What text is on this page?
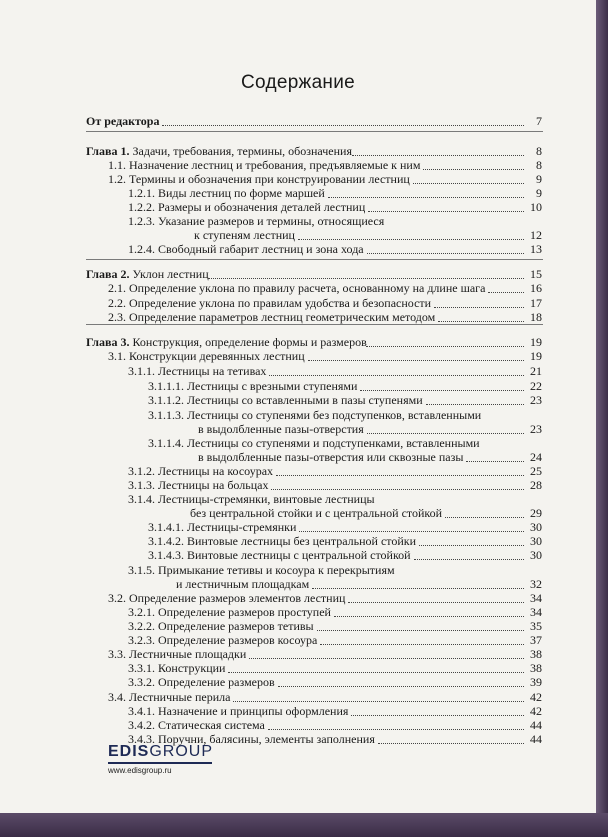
Содержание
От редактора	7
Глава 1. Задачи, требования, термины, обозначения	8
1.1. Назначение лестниц и требования, предъявляемые к ним	8
1.2. Термины и обозначения при конструировании лестниц	9
1.2.1. Виды лестниц по форме маршей	9
1.2.2. Размеры и обозначения деталей лестниц	10
1.2.3. Указание размеров и термины, относящиеся
к ступеням лестниц	12
1.2.4. Свободный габарит лестниц и зона хода	13
Глава 2. Уклон лестниц	15
2.1. Определение уклона по правилу расчета, основанному на длине шага	16
2.2. Определение уклона по правилам удобства и безопасности	17
2.3. Определение параметров лестниц геометрическим методом	18
Глава 3. Конструкция, определение формы и размеров	19
3.1. Конструкции деревянных лестниц	19
3.1.1. Лестницы на тетивах	21
3.1.1.1. Лестницы с врезными ступенями	22
3.1.1.2. Лестницы со вставленными в пазы ступенями	23
3.1.1.3. Лестницы со ступенями без подступенков, вставленными
в выдолбленные пазы-отверстия	23
3.1.1.4. Лестницы со ступенями и подступенками, вставленными
в выдолбленные пазы-отверстия или сквозные пазы	24
3.1.2. Лестницы на косоурах	25
3.1.3. Лестницы на больцах	28
3.1.4. Лестницы-стремянки, винтовые лестницы
без центральной стойки и с центральной стойкой	29
3.1.4.1. Лестницы-стремянки	30
3.1.4.2. Винтовые лестницы без центральной стойки	30
3.1.4.3. Винтовые лестницы с центральной стойкой	30
3.1.5. Примыкание тетивы и косоура к перекрытиям
и лестничным площадкам	32
3.2. Определение размеров элементов лестниц	34
3.2.1. Определение размеров проступей	34
3.2.2. Определение размеров тетивы	35
3.2.3. Определение размеров косоура	37
3.3. Лестничные площадки	38
3.3.1. Конструкции	38
3.3.2. Определение размеров	39
3.4. Лестничные перила	42
3.4.1. Назначение и принципы оформления	42
3.4.2. Статическая система	44
3.4.3. Поручни, балясины, элементы заполнения	44
EDISGROUP
www.edisgroup.ru
